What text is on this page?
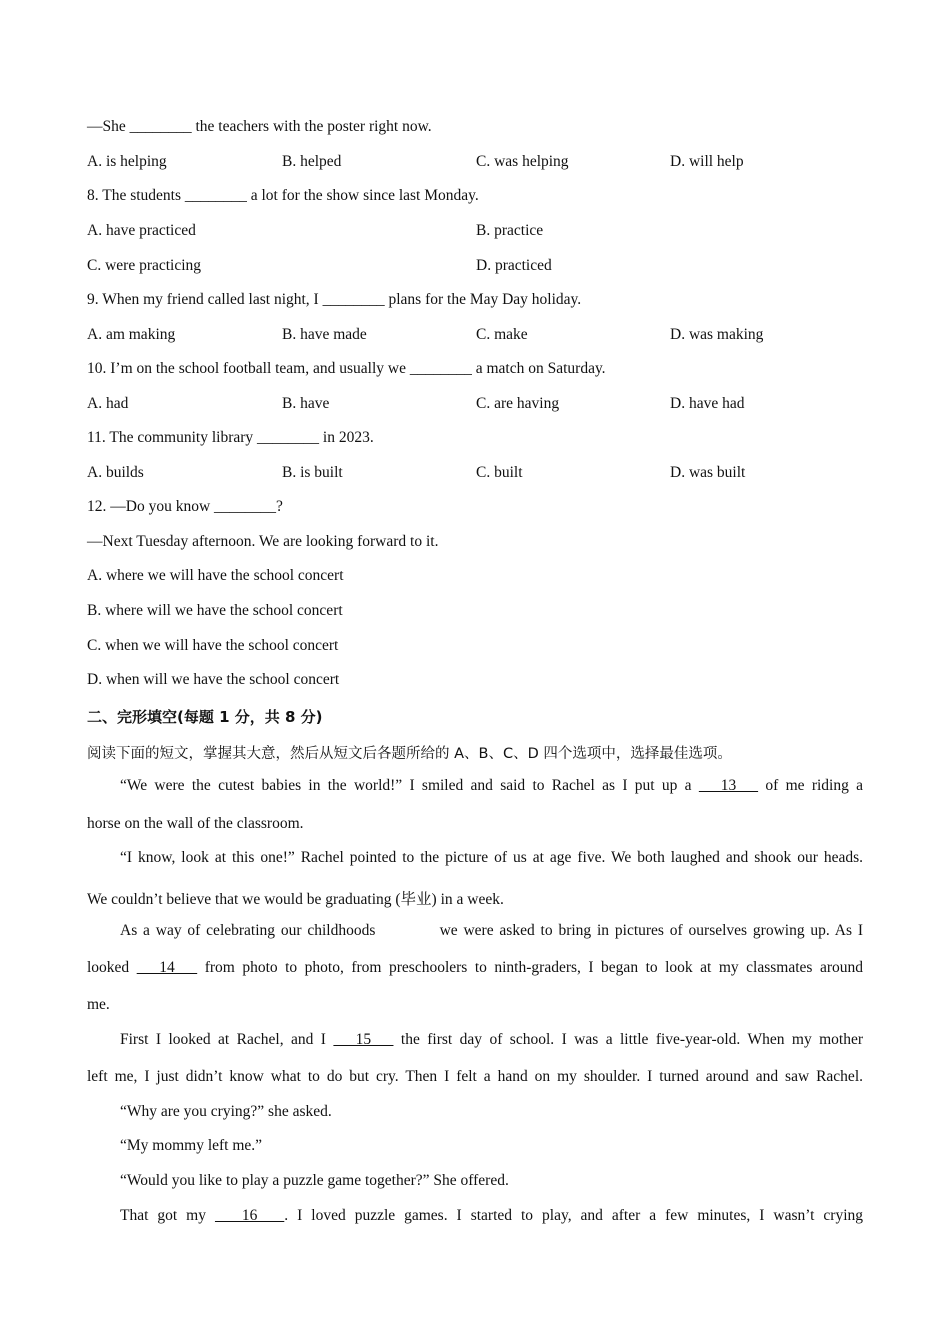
—She ________ the teachers with the poster right now.
A. is helping	B. helped	C. was helping	D. will help
8. The students ________ a lot for the show since last Monday.
A. have practiced	B. practice
C. were practicing	D. practiced
9. When my friend called last night, I ________ plans for the May Day holiday.
A. am making	B. have made	C. make	D. was making
10. I’m on the school football team, and usually we ________ a match on Saturday.
A. had	B. have	C. are having	D. have had
11. The community library ________ in 2023.
A. builds	B. is built	C. built	D. was built
12. —Do you know ________?
—Next Tuesday afternoon. We are looking forward to it.
A. where we will have the school concert
B. where will we have the school concert
C. when we will have the school concert
D. when will we have the school concert
二、完形填空(每题 1 分，共 8 分)
阅读下面的短文，掌握其大意，然后从短文后各题所给的 A、B、C、D 四个选项中，选择最佳选项。
“We were the cutest babies in the world!” I smiled and said to Rachel as I put up a    13    of me riding a
horse on the wall of the classroom.
“I know, look at this one!” Rachel pointed to the picture of us at age five. We both laughed and shook our heads.
We couldn’t believe that we would be graduating (毕业) in a week.
As a way of celebrating our childhoods           we were asked to bring in pictures of ourselves growing up. As I
looked    14    from photo to photo, from preschoolers to ninth-graders, I began to look at my classmates around
me.
First I looked at Rachel, and I    15    the first day of school. I was a little five-year-old. When my mother
left me, I just didn’t know what to do but cry. Then I felt a hand on my shoulder. I turned around and saw Rachel.
“Why are you crying?” she asked.
“My mommy left me.”
“Would you like to play a puzzle game together?” She offered.
That got my    16   . I loved puzzle games. I started to play, and after a few minutes, I wasn’t crying
